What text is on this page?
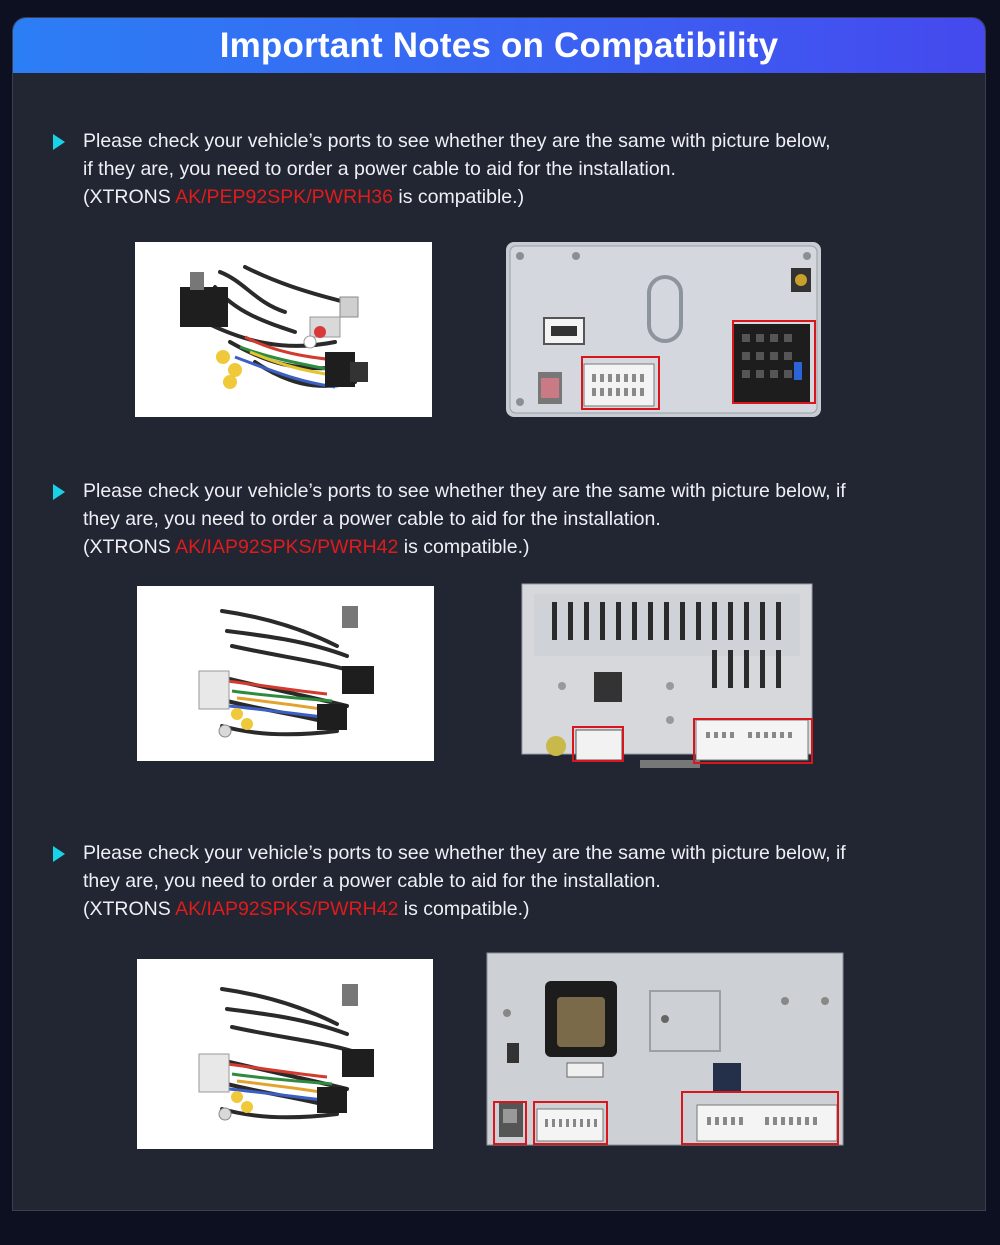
Important Notes on Compatibility
Please check your vehicle’s ports to see whether they are the same with picture below,
if they are, you need to order a power cable to aid for the installation.
(XTRONS AK/PEP92SPK/PWRH36 is compatible.)
Please check your vehicle’s ports to see whether they are the same with picture below, if
they are, you need to order a power cable to aid for the installation.
(XTRONS AK/IAP92SPKS/PWRH42 is compatible.)
Please check your vehicle’s ports to see whether they are the same with picture below, if
they are, you need to order a power cable to aid for the installation.
(XTRONS AK/IAP92SPKS/PWRH42 is compatible.)
